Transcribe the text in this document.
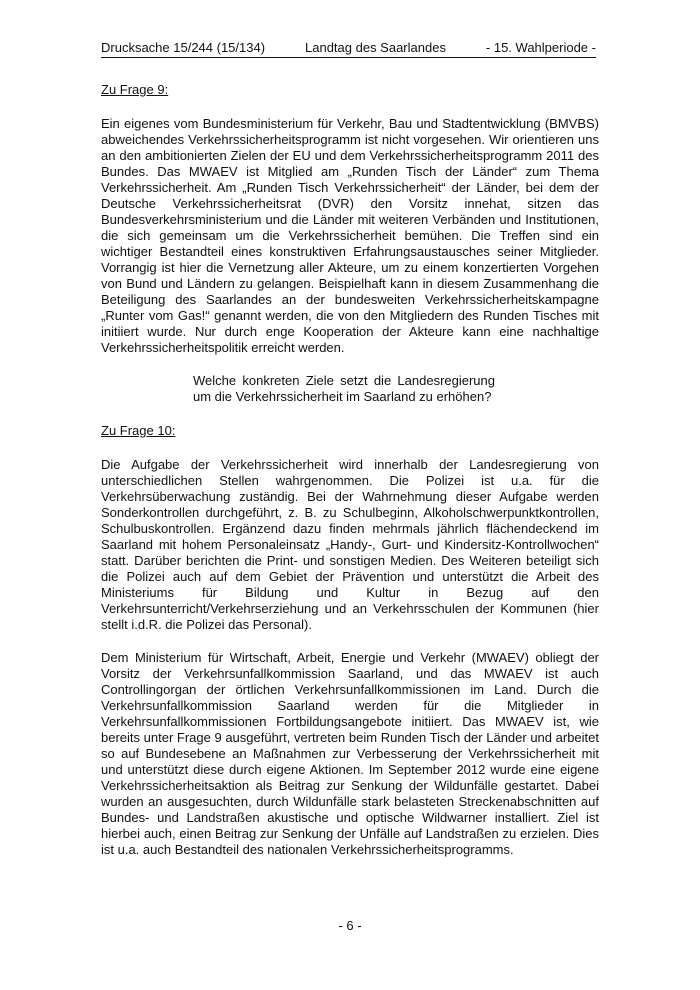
Drucksache 15/244 (15/134)	Landtag des Saarlandes	- 15. Wahlperiode -

Zu Frage 9:

Ein eigenes vom Bundesministerium für Verkehr, Bau und Stadtentwicklung (BMVBS) abweichendes Verkehrssicherheitsprogramm ist nicht vorgesehen. Wir orientieren uns an den ambitionierten Zielen der EU und dem Verkehrssicherheitsprogramm 2011 des Bundes. Das MWAEV ist Mitglied am „Runden Tisch der Länder“ zum Thema Verkehrssicherheit. Am „Runden Tisch Verkehrssicherheit“ der Länder, bei dem der Deutsche Verkehrssicherheitsrat (DVR) den Vorsitz innehat, sitzen das Bundesverkehrsministerium und die Länder mit weiteren Verbänden und Institutionen, die sich gemeinsam um die Verkehrssicherheit bemühen. Die Treffen sind ein wichtiger Bestandteil eines konstruktiven Erfahrungsaustausches seiner Mitglieder. Vorrangig ist hier die Vernetzung aller Akteure, um zu einem konzertierten Vorgehen von Bund und Ländern zu gelangen. Beispielhaft kann in diesem Zusammenhang die Beteiligung des Saarlandes an der bundesweiten Verkehrssicherheitskampagne „Runter vom Gas!“ genannt werden, die von den Mitgliedern des Runden Tisches mit initiiert wurde. Nur durch enge Kooperation der Akteure kann eine nachhaltige Verkehrssicherheitspolitik erreicht werden.

Welche konkreten Ziele setzt die Landesregierung um die Verkehrssicherheit im Saarland zu erhöhen?

Zu Frage 10:

Die Aufgabe der Verkehrssicherheit wird innerhalb der Landesregierung von unterschiedlichen Stellen wahrgenommen. Die Polizei ist u.a. für die Verkehrsüberwachung zuständig. Bei der Wahrnehmung dieser Aufgabe werden Sonderkontrollen durchgeführt, z. B. zu Schulbeginn, Alkoholschwerpunktkontrollen, Schulbuskontrollen. Ergänzend dazu finden mehrmals jährlich flächendeckend im Saarland mit hohem Personaleinsatz „Handy-, Gurt- und Kindersitz-Kontrollwochen“ statt. Darüber berichten die Print- und sonstigen Medien. Des Weiteren beteiligt sich die Polizei auch auf dem Gebiet der Prävention und unterstützt die Arbeit des Ministeriums für Bildung und Kultur in Bezug auf den Verkehrsunterricht/Verkehrserziehung und an Verkehrsschulen der Kommunen (hier stellt i.d.R. die Polizei das Personal).

Dem Ministerium für Wirtschaft, Arbeit, Energie und Verkehr (MWAEV) obliegt der Vorsitz der Verkehrsunfallkommission Saarland, und das MWAEV ist auch Controllingorgan der örtlichen Verkehrsunfallkommissionen im Land. Durch die Verkehrsunfallkommission Saarland werden für die Mitglieder in Verkehrsunfallkommissionen Fortbildungsangebote initiiert. Das MWAEV ist, wie bereits unter Frage 9 ausgeführt, vertreten beim Runden Tisch der Länder und arbeitet so auf Bundesebene an Maßnahmen zur Verbesserung der Verkehrssicherheit mit und unterstützt diese durch eigene Aktionen. Im September 2012 wurde eine eigene Verkehrssicherheitsaktion als Beitrag zur Senkung der Wildunfälle gestartet. Dabei wurden an ausgesuchten, durch Wildunfälle stark belasteten Streckenabschnitten auf Bundes- und Landstraßen akustische und optische Wildwarner installiert. Ziel ist hierbei auch, einen Beitrag zur Senkung der Unfälle auf Landstraßen zu erzielen. Dies ist u.a. auch Bestandteil des nationalen Verkehrssicherheitsprogramms.

- 6 -
